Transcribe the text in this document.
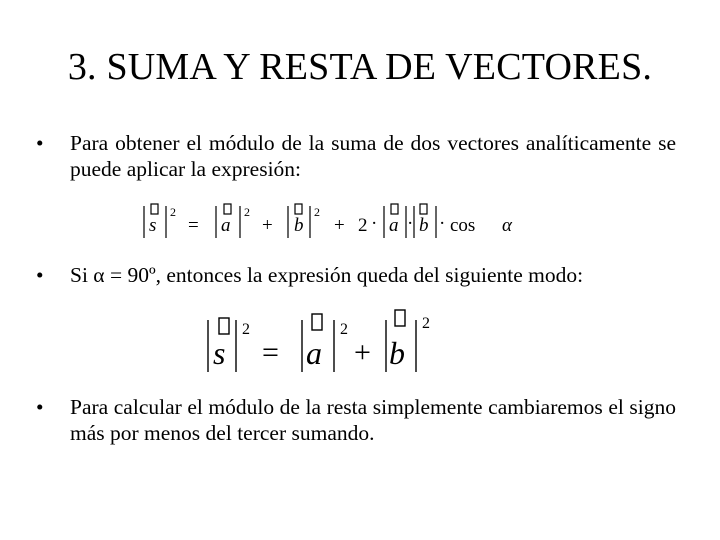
3. SUMA Y RESTA DE VECTORES.
•	Para obtener el módulo de la suma de dos vectores analíticamente se puede aplicar la expresión:
s	a	b	a b	α
2	2	2
=	+	+ 2 · · · cos
•	Si α = 90º, entonces la expresión queda del siguiente modo:
s	a b
2	2	2
=	+
•	Para calcular el módulo de la resta simplemente cambiaremos el signo más por menos del tercer sumando.
